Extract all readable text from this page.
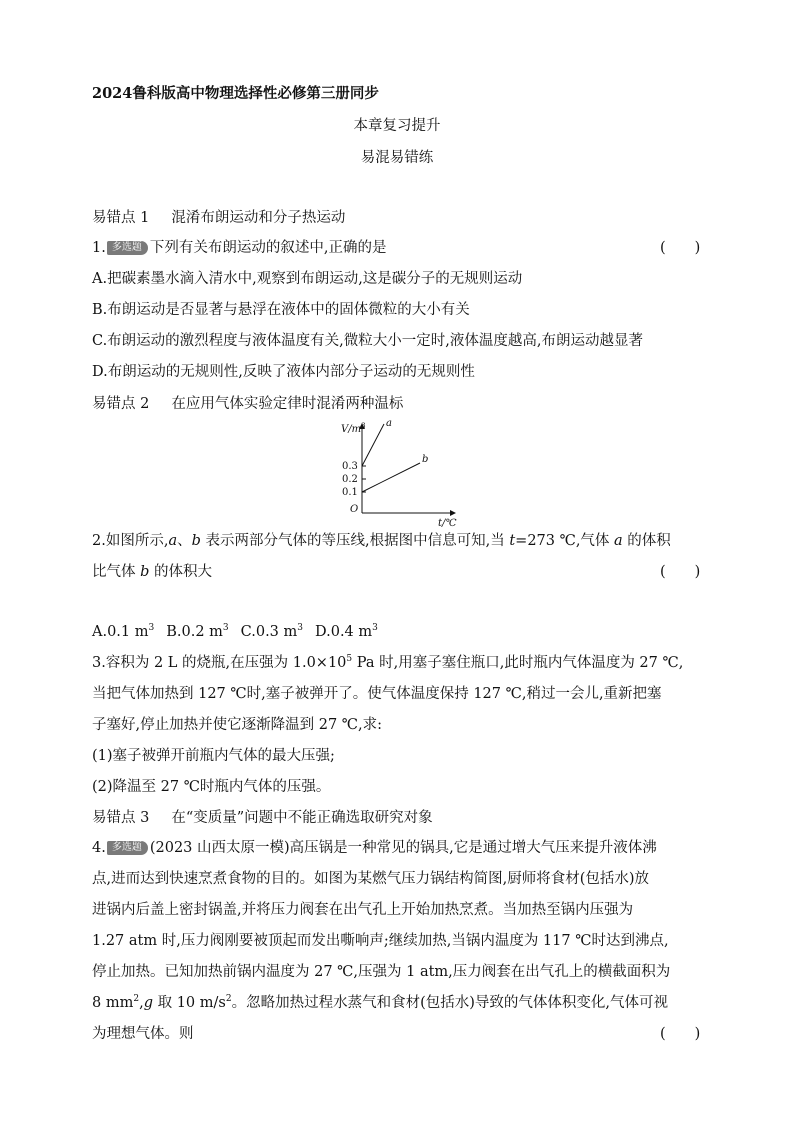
2024鲁科版高中物理选择性必修第三册同步
本章复习提升
易混易错练
易错点 1 混淆布朗运动和分子热运动
1. 多选题 下列有关布朗运动的叙述中,正确的是	(　　)
A.把碳素墨水滴入清水中,观察到布朗运动,这是碳分子的无规则运动
B.布朗运动是否显著与悬浮在液体中的固体微粒的大小有关
C.布朗运动的激烈程度与液体温度有关,微粒大小一定时,液体温度越高,布朗运动越显著
D.布朗运动的无规则性,反映了液体内部分子运动的无规则性
易错点 2 在应用气体实验定律时混淆两种温标
$V/m^3$
0.3
0.2
0.1
O
a
b
t/℃
2.如图所示,a、b 表示两部分气体的等压线,根据图中信息可知,当 t=273 ℃,气体 a 的体积
比气体 b 的体积大	(　　)
A.0.1 $m^3$ B.0.2 $m^3$ C.0.3 $m^3$ D.0.4 $m^3$
3.容积为 2 L 的烧瓶,在压强为 $1.0\times 10^5$ Pa 时,用塞子塞住瓶口,此时瓶内气体温度为 27 ℃,
当把气体加热到 127 ℃时,塞子被弹开了。使气体温度保持 127 ℃,稍过一会儿,重新把塞
子塞好,停止加热并使它逐渐降温到 27 ℃,求:
(1)塞子被弹开前瓶内气体的最大压强;
(2)降温至 27 ℃时瓶内气体的压强。
易错点 3 在“变质量”问题中不能正确选取研究对象
4. 多选题 (2023 山西太原一模)高压锅是一种常见的锅具,它是通过增大气压来提升液体沸
点,进而达到快速烹煮食物的目的。如图为某燃气压力锅结构简图,厨师将食材(包括水)放
进锅内后盖上密封锅盖,并将压力阀套在出气孔上开始加热烹煮。当加热至锅内压强为
1.27 atm 时,压力阀刚要被顶起而发出嘶响声;继续加热,当锅内温度为 117 ℃时达到沸点,
停止加热。已知加热前锅内温度为 27 ℃,压强为 1 atm,压力阀套在出气孔上的横截面积为
8 $mm^2,g$ 取 10 $m/s^2$。忽略加热过程水蒸气和食材(包括水)导致的气体体积变化,气体可视
为理想气体。则	(　　)
